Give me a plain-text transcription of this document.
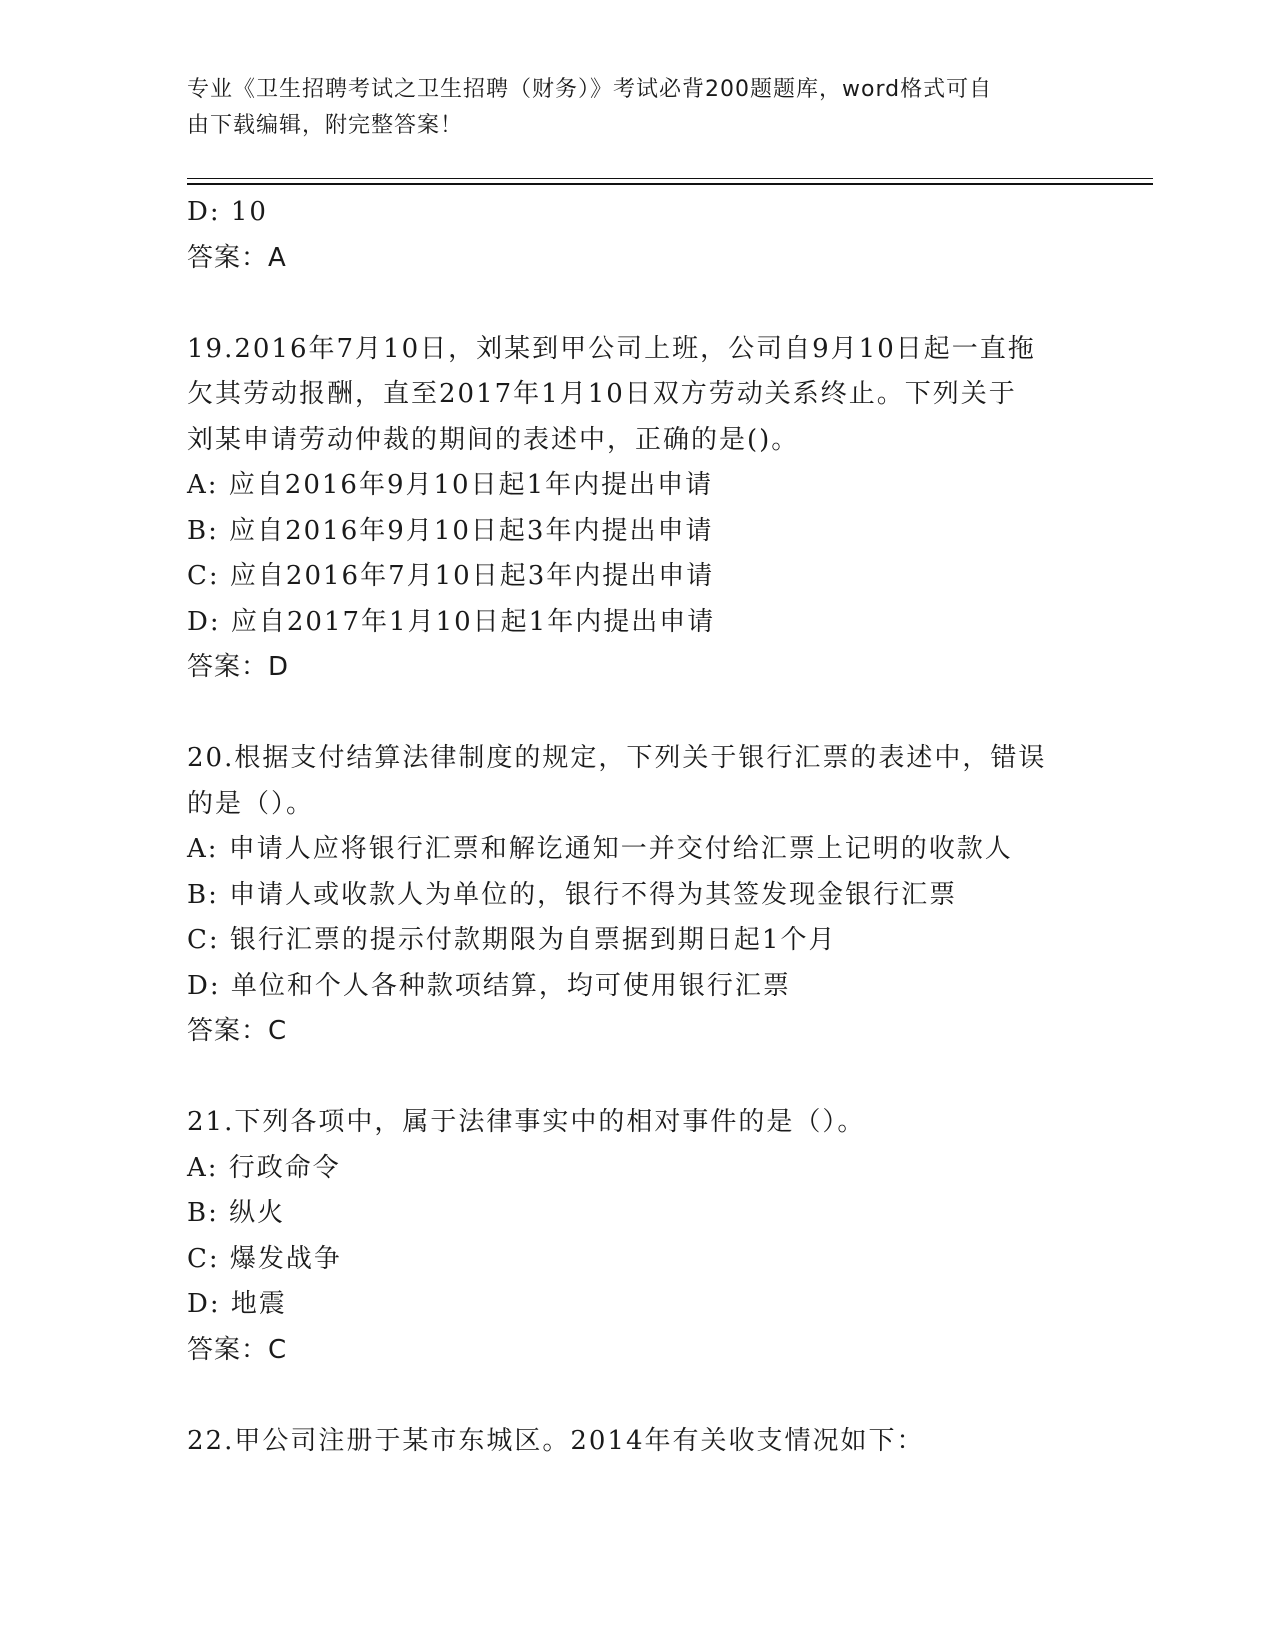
专业《卫生招聘考试之卫生招聘（财务）》考试必背200题题库，word格式可自
由下载编辑，附完整答案！
D: 10
答案：A
19.2016年7月10日，刘某到甲公司上班，公司自9月10日起一直拖
欠其劳动报酬，直至2017年1月10日双方劳动关系终止。下列关于
刘某申请劳动仲裁的期间的表述中，正确的是()。
A: 应自2016年9月10日起1年内提出申请
B: 应自2016年9月10日起3年内提出申请
C: 应自2016年7月10日起3年内提出申请
D: 应自2017年1月10日起1年内提出申请
答案：D
20.根据支付结算法律制度的规定，下列关于银行汇票的表述中，错误
的是（）。
A: 申请人应将银行汇票和解讫通知一并交付给汇票上记明的收款人
B: 申请人或收款人为单位的，银行不得为其签发现金银行汇票
C: 银行汇票的提示付款期限为自票据到期日起1个月
D: 单位和个人各种款项结算，均可使用银行汇票
答案：C
21.下列各项中，属于法律事实中的相对事件的是（）。
A: 行政命令
B: 纵火
C: 爆发战争
D: 地震
答案：C
22.甲公司注册于某市东城区。2014年有关收支情况如下：
